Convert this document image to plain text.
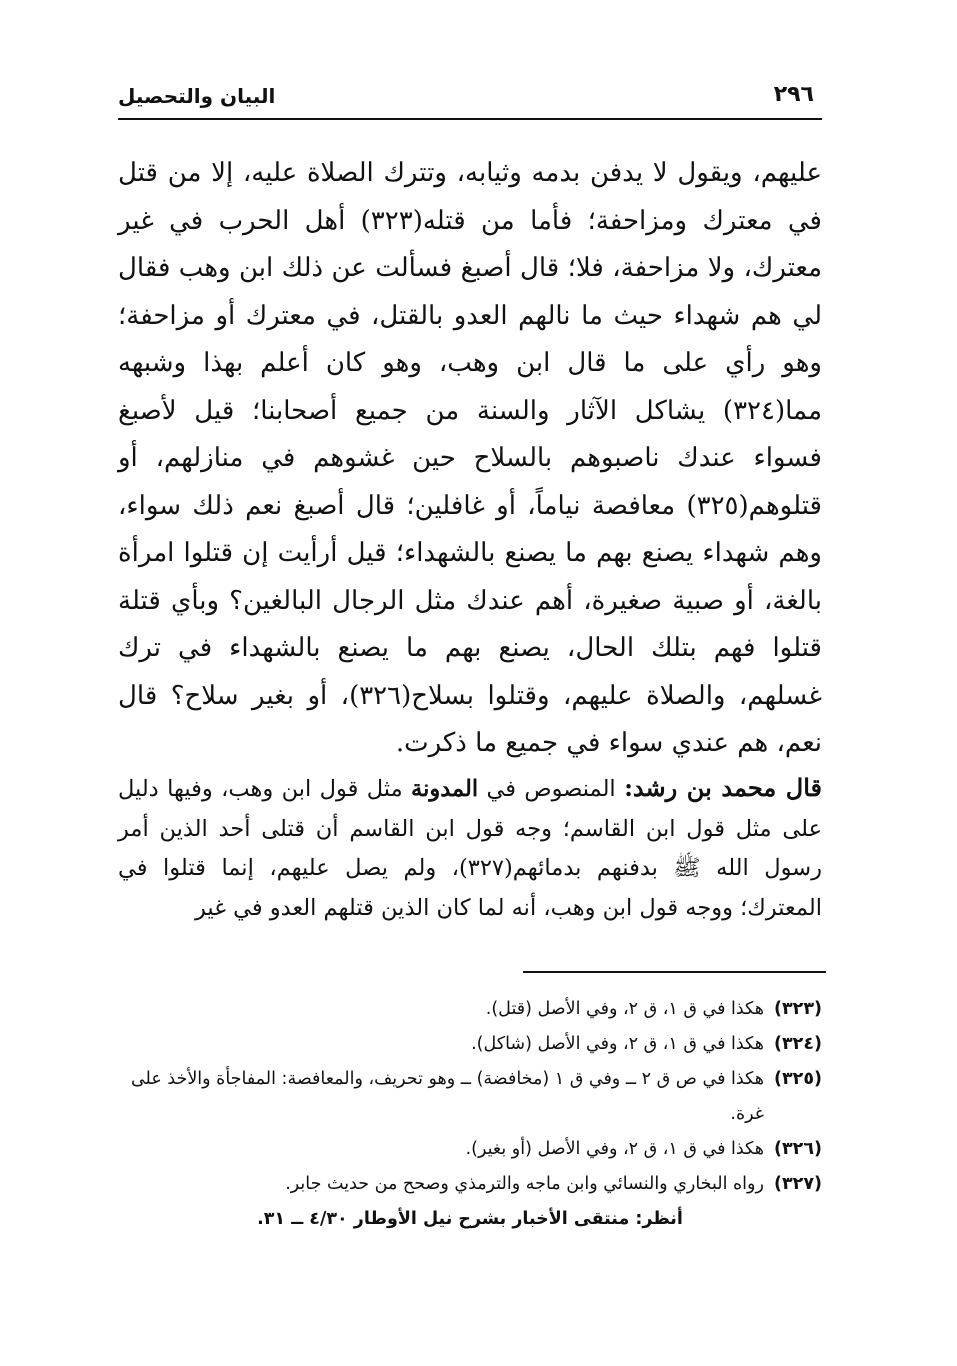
٢٩٦
البيان والتحصيل

عليهم، ويقول لا يدفن بدمه وثيابه، وتترك الصلاة عليه، إلا من قتل في معترك ومزاحفة؛ فأما من قتله(٣٢٣) أهل الحرب في غير معترك، ولا مزاحفة، فلا؛ قال أصبغ فسألت عن ذلك ابن وهب فقال لي هم شهداء حيث ما نالهم العدو بالقتل، في معترك أو مزاحفة؛ وهو رأي على ما قال ابن وهب، وهو كان أعلم بهذا وشبهه مما(٣٢٤) يشاكل الآثار والسنة من جميع أصحابنا؛ قيل لأصبغ فسواء عندك ناصبوهم بالسلاح حين غشوهم في منازلهم، أو قتلوهم(٣٢٥) معافصة نياماً، أو غافلين؛ قال أصبغ نعم ذلك سواء، وهم شهداء يصنع بهم ما يصنع بالشهداء؛ قيل أرأيت إن قتلوا امرأة بالغة، أو صبية صغيرة، أهم عندك مثل الرجال البالغين؟ وبأي قتلة قتلوا فهم بتلك الحال، يصنع بهم ما يصنع بالشهداء في ترك غسلهم، والصلاة عليهم، وقتلوا بسلاح(٣٢٦)، أو بغير سلاح؟ قال نعم، هم عندي سواء في جميع ما ذكرت.

قال محمد بن رشد: المنصوص في المدونة مثل قول ابن وهب، وفيها دليل على مثل قول ابن القاسم؛ وجه قول ابن القاسم أن قتلى أحد الذين أمر رسول الله ﷺ بدفنهم بدمائهم(٣٢٧)، ولم يصل عليهم، إنما قتلوا في المعترك؛ ووجه قول ابن وهب، أنه لما كان الذين قتلهم العدو في غير

(٣٢٣)
هكذا في ق ١، ق ٢، وفي الأصل (قتل).
(٣٢٤)
هكذا في ق ١، ق ٢، وفي الأصل (شاكل).
(٣٢٥)
هكذا في ص ق ٢ ــ وفي ق ١ (مخافضة) ــ وهو تحريف، والمعافصة: المفاجأة والأخذ على غرة.
(٣٢٦)
هكذا في ق ١، ق ٢، وفي الأصل (أو بغير).
(٣٢٧)
رواه البخاري والنسائي وابن ماجه والترمذي وصحح من حديث جابر.

أنظر: منتقى الأخبار بشرح نيل الأوطار ٤/٣٠ ــ ٣١.
